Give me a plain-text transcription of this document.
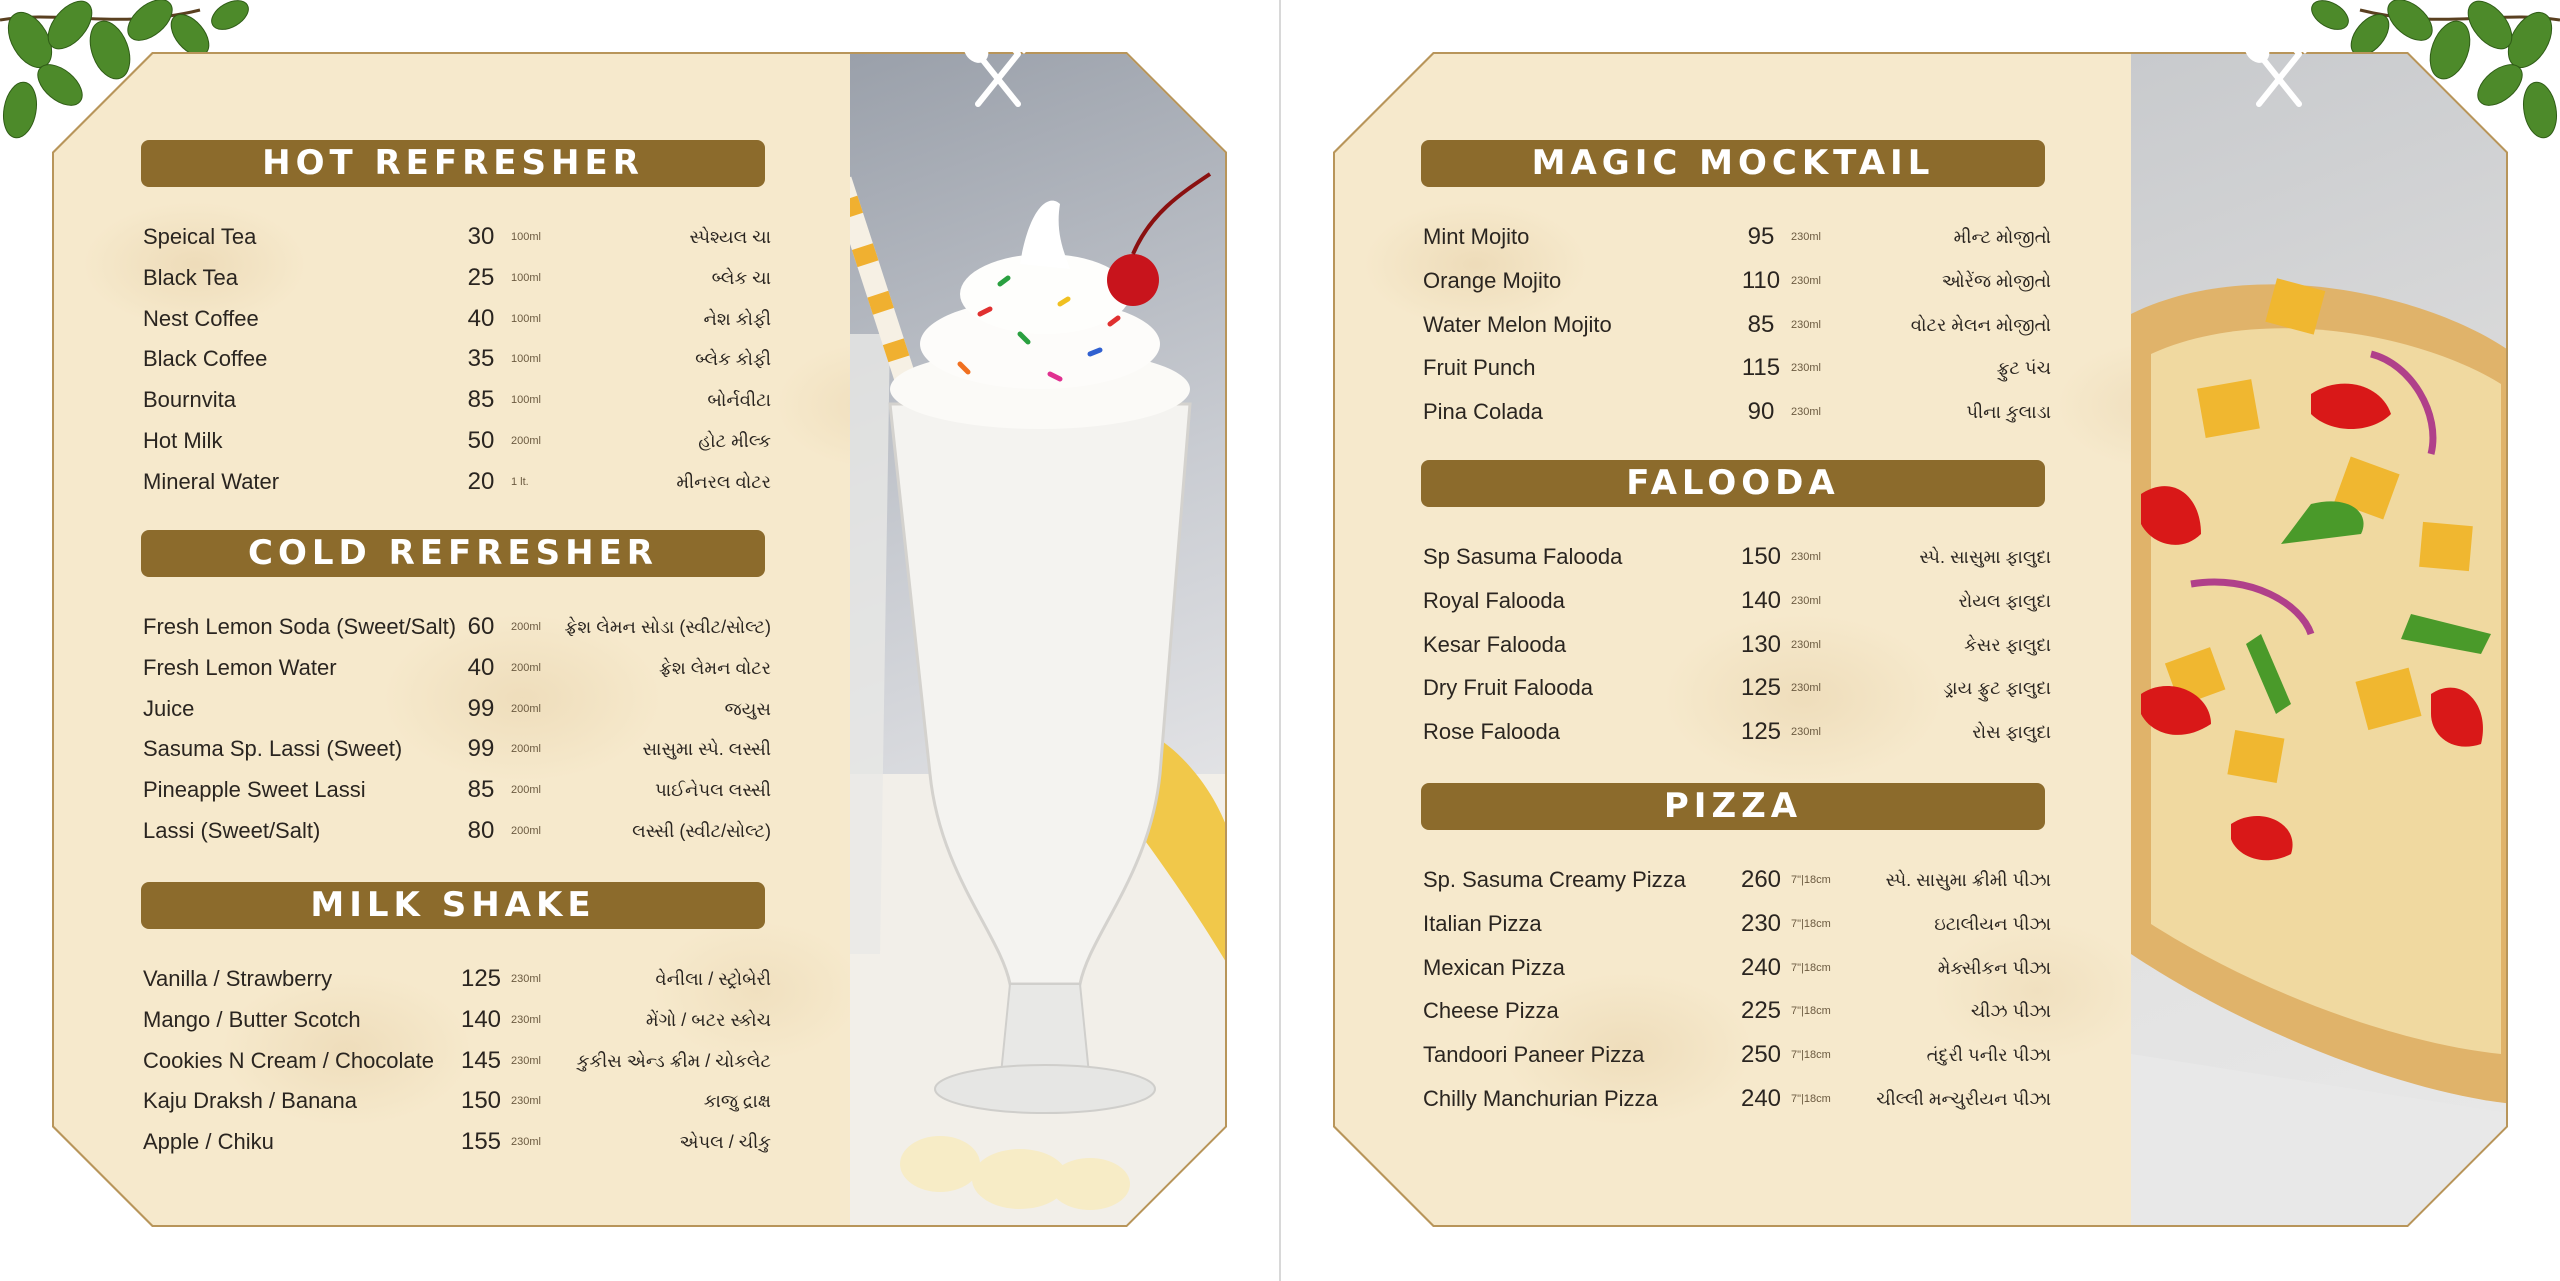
HOT REFRESHER
Speical Tea	30	100ml	સ્પેશ્યલ ચા
Black Tea	25	100ml	બ્લેક ચા
Nest Coffee	40	100ml	નેશ કોફી
Black Coffee	35	100ml	બ્લેક કોફી
Bournvita	85	100ml	બોર્નવીટા
Hot Milk	50	200ml	હોટ મીલ્ક
Mineral Water	20	1 lt.	મીનરલ વોટર
COLD REFRESHER
Fresh Lemon Soda (Sweet/Salt) 60	200ml ફ્રેશ લેમન સોડા (સ્વીટ/સોલ્ટ)
Fresh Lemon Water	40	200ml	ફ્રેશ લેમન વોટર
Juice	99	200ml	જયુસ
Sasuma Sp. Lassi (Sweet)	99	200ml	સાસુમા સ્પે. લસ્સી
Pineapple Sweet Lassi	85	200ml	પાઈનેપલ લસ્સી
Lassi (Sweet/Salt)	80	200ml	લસ્સી (સ્વીટ/સોલ્ટ)
MILK SHAKE
Vanilla / Strawberry	125 230ml	વેનીલા / સ્ટ્રોબેરી
Mango / Butter Scotch	140 230ml	મેંગો / બટર સ્કોચ
Cookies N Cream / Chocolate	145 230ml કુકીસ એન્ડ ક્રીમ / ચોકલેટ
Kaju Draksh / Banana	150 230ml	કાજુ દ્રાક્ષ
Apple / Chiku	155 230ml	એપલ / ચીકુ
MAGIC MOCKTAIL
Mint Mojito	95	230ml	મીન્ટ મોજીતો
Orange Mojito	110 230ml	ઓરેંજ મોજીતો
Water Melon Mojito	85	230ml	વોટર મેલન મોજીતો
Fruit Punch	115 230ml	ફ્રુટ પંચ
Pina Colada	90	230ml	પીના કુલાડા
FALOODA
Sp Sasuma Falooda	150 230ml	સ્પે. સાસુમા ફાલુદા
Royal Falooda	140 230ml	રોયલ ફાલુદા
Kesar Falooda	130 230ml	કેસર ફાલુદા
Dry Fruit Falooda	125 230ml	ડ્રાય ફ્રુટ ફાલુદા
Rose Falooda	125 230ml	રોસ ફાલુદા
PIZZA
Sp. Sasuma Creamy Pizza	260 7"|18cm	સ્પે. સાસુમા ક્રીમી પીઝા
Italian Pizza	230 7"|18cm	ઇટાલીયન પીઝા
Mexican Pizza	240 7"|18cm	મેક્સીકન પીઝા
Cheese Pizza	225 7"|18cm	ચીઝ પીઝા
Tandoori Paneer Pizza	250 7"|18cm	તંદુરી પનીર પીઝા
Chilly Manchurian Pizza	240 7"|18cm	ચીલ્લી મન્ચુરીયન પીઝા
